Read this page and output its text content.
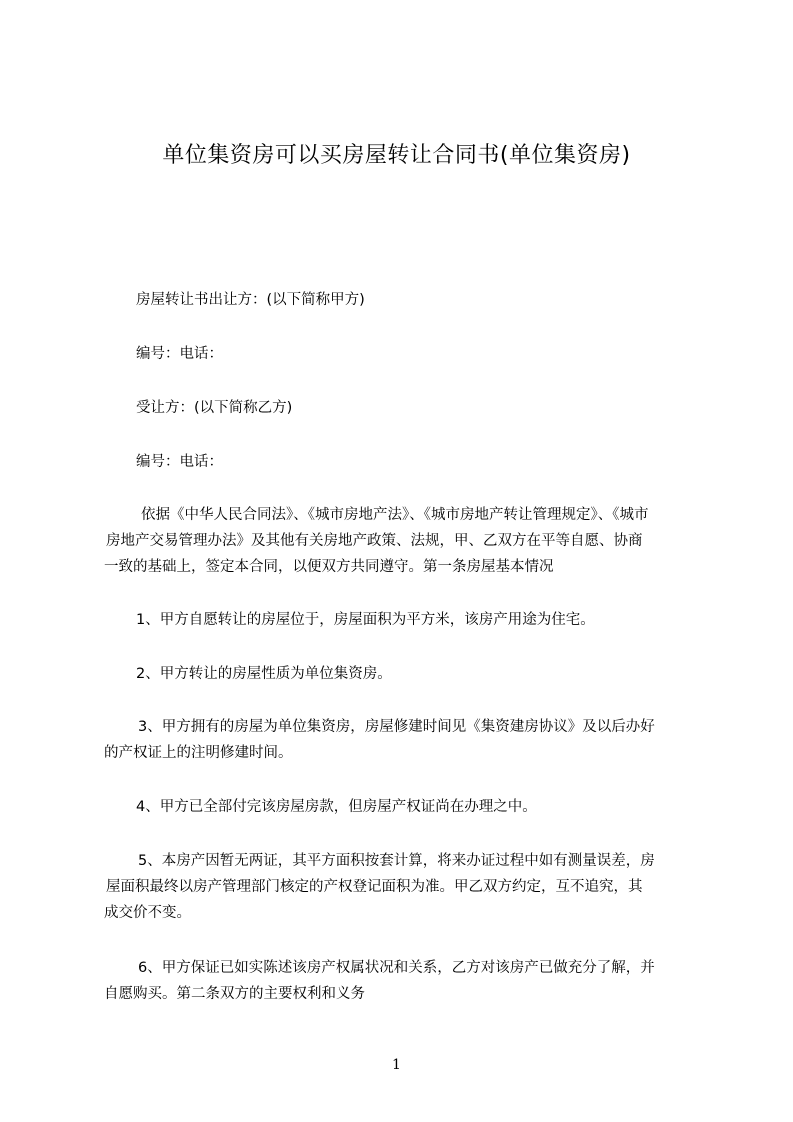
单位集资房可以买房屋转让合同书(单位集资房)

房屋转让书出让方：(以下简称甲方)

编号：电话：

受让方：(以下简称乙方)

编号：电话：

依据《中华人民合同法》、《城市房地产法》、《城市房地产转让管理规定》、《城市
房地产交易管理办法》及其他有关房地产政策、法规，甲、乙双方在平等自愿、协商
一致的基础上，签定本合同，以便双方共同遵守。第一条房屋基本情况

1、甲方自愿转让的房屋位于，房屋面积为平方米，该房产用途为住宅。

2、甲方转让的房屋性质为单位集资房。

3、甲方拥有的房屋为单位集资房，房屋修建时间见《集资建房协议》及以后办好
的产权证上的注明修建时间。

4、甲方已全部付完该房屋房款，但房屋产权证尚在办理之中。

5、本房产因暂无两证，其平方面积按套计算，将来办证过程中如有测量误差，房
屋面积最终以房产管理部门核定的产权登记面积为准。甲乙双方约定，互不追究，其
成交价不变。

6、甲方保证已如实陈述该房产权属状况和关系，乙方对该房产已做充分了解，并
自愿购买。第二条双方的主要权利和义务

1
